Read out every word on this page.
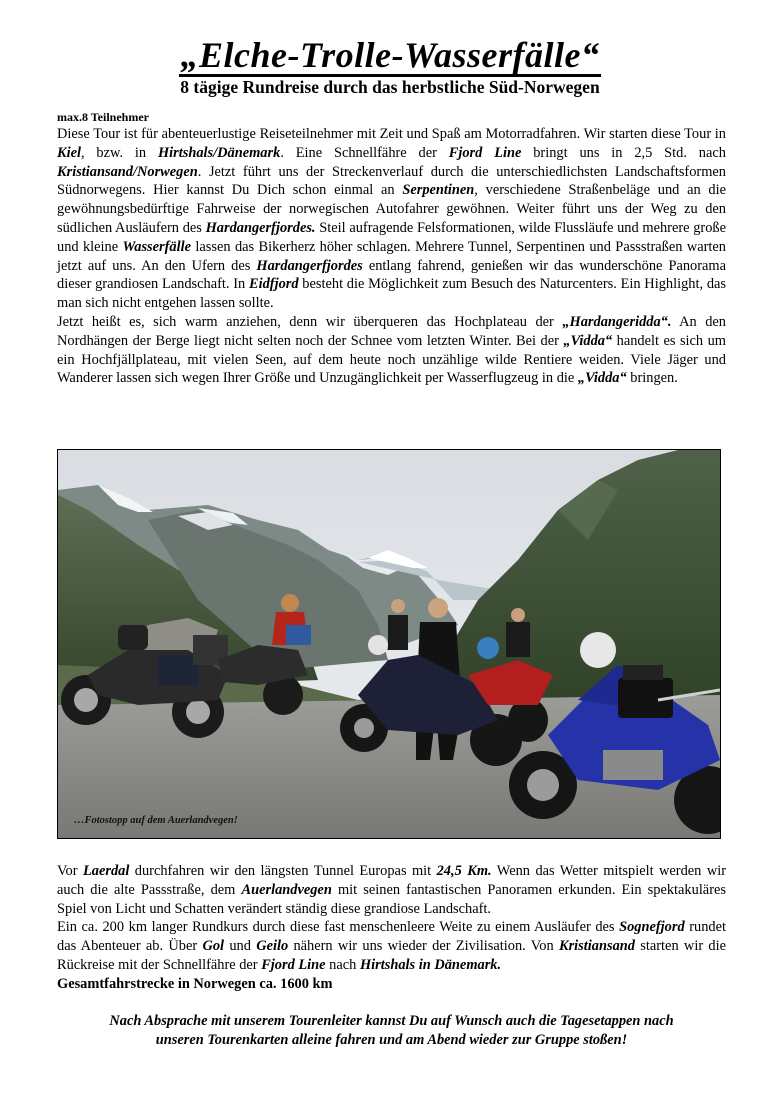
„Elche-Trolle-Wasserfälle“
8 tägige Rundreise durch das herbstliche Süd-Norwegen
max.8 Teilnehmer

Diese Tour ist für abenteuerlustige Reiseteilnehmer mit Zeit und Spaß am Motorradfahren. Wir starten diese Tour in Kiel, bzw. in Hirtshals/Dänemark. Eine Schnellfähre der Fjord Line bringt uns in 2,5 Std. nach Kristiansand/Norwegen. Jetzt führt uns der Streckenverlauf durch die unterschiedlichsten Landschaftsformen Südnorwegens. Hier kannst Du Dich schon einmal an Serpentinen, verschiedene Straßenbeläge und an die gewöhnungsbedürftige Fahrweise der norwegischen Autofahrer gewöhnen. Weiter führt uns der Weg zu den südlichen Ausläufern des Hardangerfjordes. Steil aufragende Felsformationen, wilde Flussläufe und mehrere große und kleine Wasserfälle lassen das Bikerherz höher schlagen. Mehrere Tunnel, Serpentinen und Passstraßen warten jetzt auf uns. An den Ufern des Hardangerfjordes entlang fahrend, genießen wir das wunderschöne Panorama dieser grandiosen Landschaft. In Eidfjord besteht die Möglichkeit zum Besuch des Naturcenters. Ein Highlight, das man sich nicht entgehen lassen sollte.

Jetzt heißt es, sich warm anziehen, denn wir überqueren das Hochplateau der „Hardangeridda“. An den Nordhängen der Berge liegt nicht selten noch der Schnee vom letzten Winter. Bei der „Vidda“ handelt es sich um ein Hochfjällplateau, mit vielen Seen, auf dem heute noch unzählige wilde Rentiere weiden. Viele Jäger und Wanderer lassen sich wegen Ihrer Größe und Unzugänglichkeit per Wasserflugzeug in die „Vidda“ bringen.

…Fotostopp auf dem Auerlandvegen!

Vor Laerdal durchfahren wir den längsten Tunnel Europas mit 24,5 Km. Wenn das Wetter mitspielt werden wir auch die alte Passstraße, dem Auerlandvegen mit seinen fantastischen Panoramen erkunden. Ein spektakuläres Spiel von Licht und Schatten verändert ständig diese grandiose Landschaft.

Ein ca. 200 km langer Rundkurs durch diese fast menschenleere Weite zu einem Ausläufer des Sognefjord rundet das Abenteuer ab. Über Gol und Geilo nähern wir uns wieder der Zivilisation. Von Kristiansand starten wir die Rückreise mit der Schnellfähre der Fjord Line nach Hirtshals in Dänemark.

Gesamtfahrstrecke in Norwegen ca. 1600 km

Nach Absprache mit unserem Tourenleiter kannst Du auf Wunsch auch die Tagesetappen nach
unseren Tourenkarten alleine fahren und am Abend wieder zur Gruppe stoßen!
